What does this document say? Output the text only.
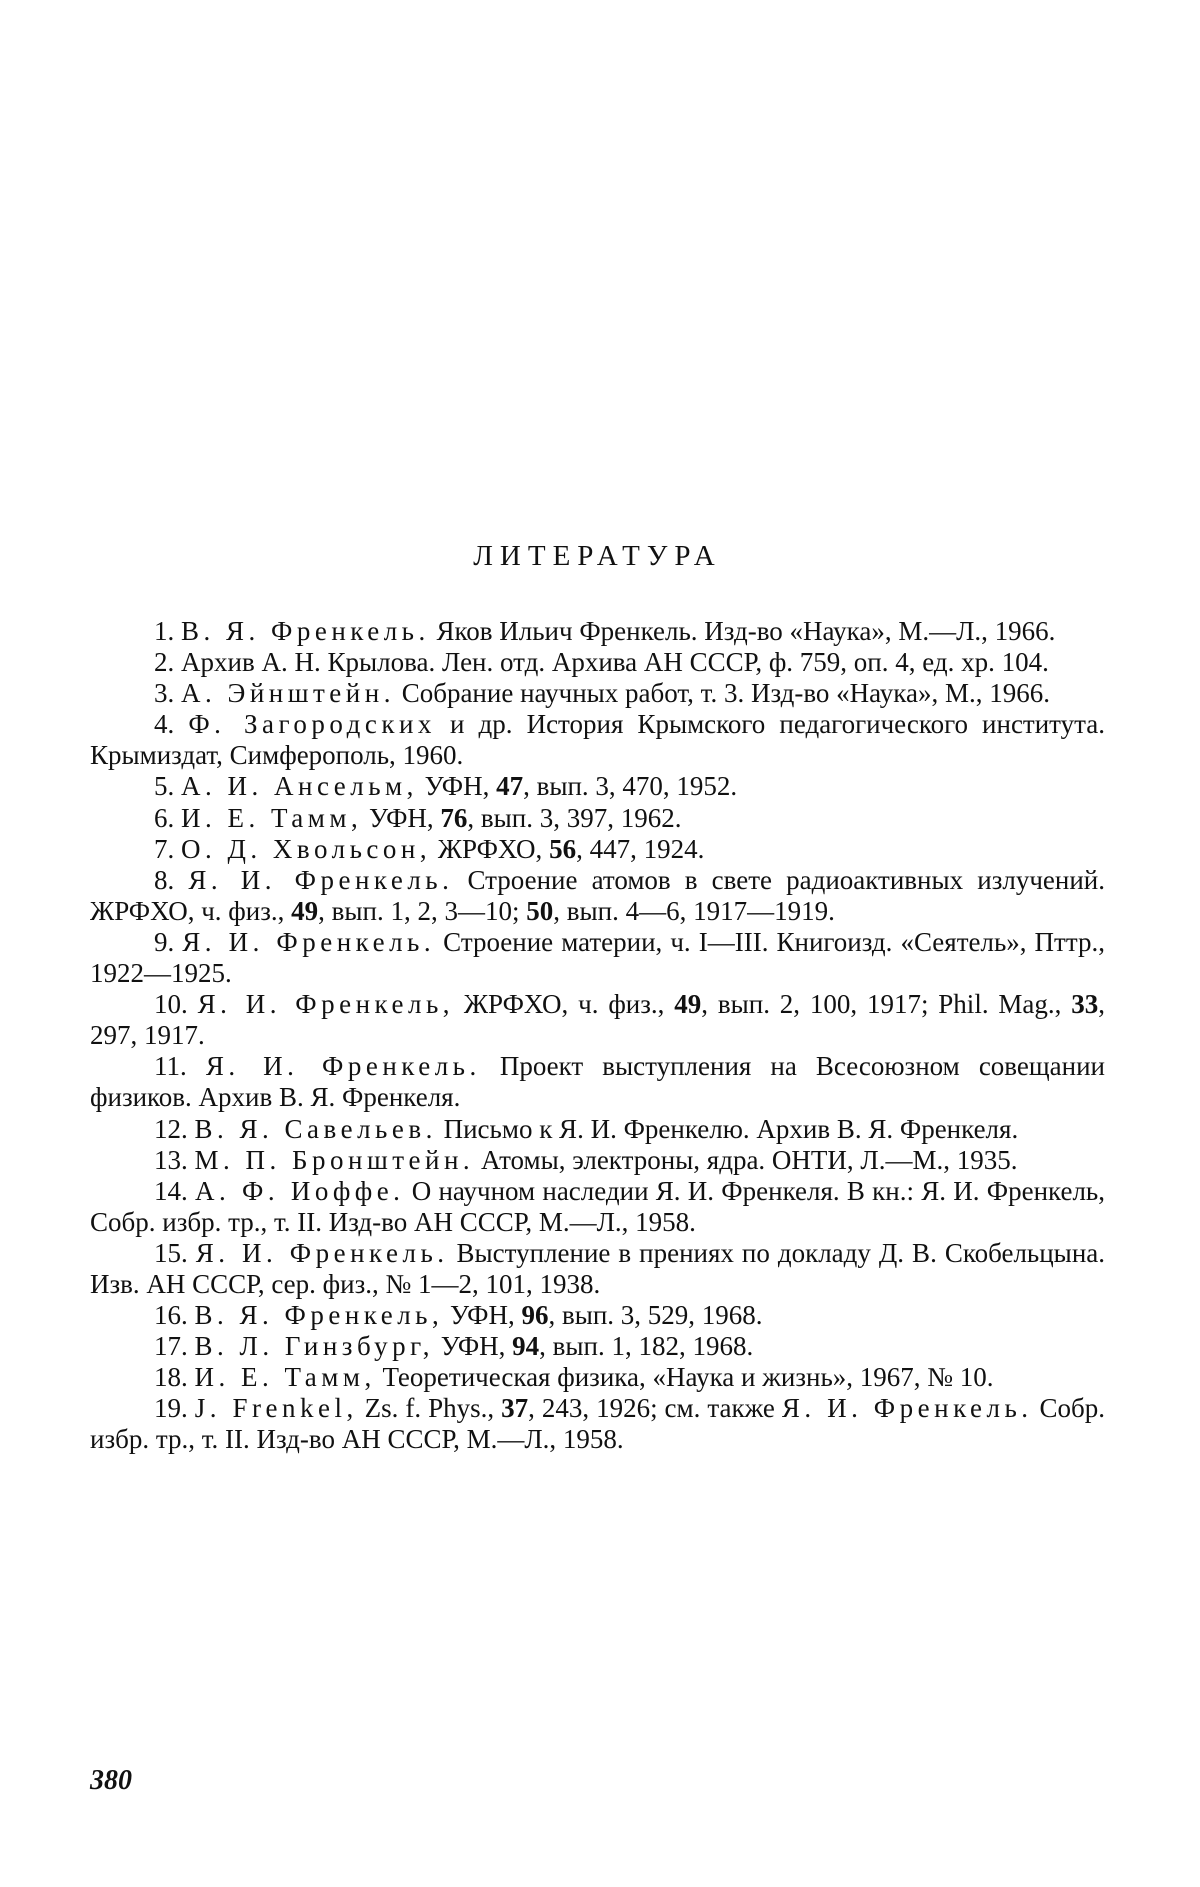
ЛИТЕРАТУРА
1. В. Я. Френкель. Яков Ильич Френкель. Изд-во «Наука», М.—Л., 1966.
2. Архив А. Н. Крылова. Лен. отд. Архива АН СССР, ф. 759, оп. 4, ед. хр. 104.
3. А. Эйнштейн. Собрание научных работ, т. 3. Изд-во «Наука», М., 1966.
4. Ф. Загородских и др. История Крымского педагогического института. Крымиздат, Симферополь, 1960.
5. А. И. Ансельм, УФН, 47, вып. 3, 470, 1952.
6. И. Е. Тамм, УФН, 76, вып. 3, 397, 1962.
7. О. Д. Хвольсон, ЖРФХО, 56, 447, 1924.
8. Я. И. Френкель. Строение атомов в свете радиоактивных излучений. ЖРФХО, ч. физ., 49, вып. 1, 2, 3—10; 50, вып. 4—6, 1917—1919.
9. Я. И. Френкель. Строение материи, ч. I—III. Книгоизд. «Сеятель», Пттр., 1922—1925.
10. Я. И. Френкель, ЖРФХО, ч. физ., 49, вып. 2, 100, 1917; Phil. Mag., 33, 297, 1917.
11. Я. И. Френкель. Проект выступления на Всесоюзном совещании физиков. Архив В. Я. Френкеля.
12. В. Я. Савельев. Письмо к Я. И. Френкелю. Архив В. Я. Френкеля.
13. М. П. Бронштейн. Атомы, электроны, ядра. ОНТИ, Л.—М., 1935.
14. А. Ф. Иоффе. О научном наследии Я. И. Френкеля. В кн.: Я. И. Френкель, Собр. избр. тр., т. II. Изд-во АН СССР, М.—Л., 1958.
15. Я. И. Френкель. Выступление в прениях по докладу Д. В. Скобельцына. Изв. АН СССР, сер. физ., № 1—2, 101, 1938.
16. В. Я. Френкель, УФН, 96, вып. 3, 529, 1968.
17. В. Л. Гинзбург, УФН, 94, вып. 1, 182, 1968.
18. И. Е. Тамм, Теоретическая физика, «Наука и жизнь», 1967, № 10.
19. J. Frenkel, Zs. f. Phys., 37, 243, 1926; см. также Я. И. Френкель. Собр. избр. тр., т. II. Изд-во АН СССР, М.—Л., 1958.
380
